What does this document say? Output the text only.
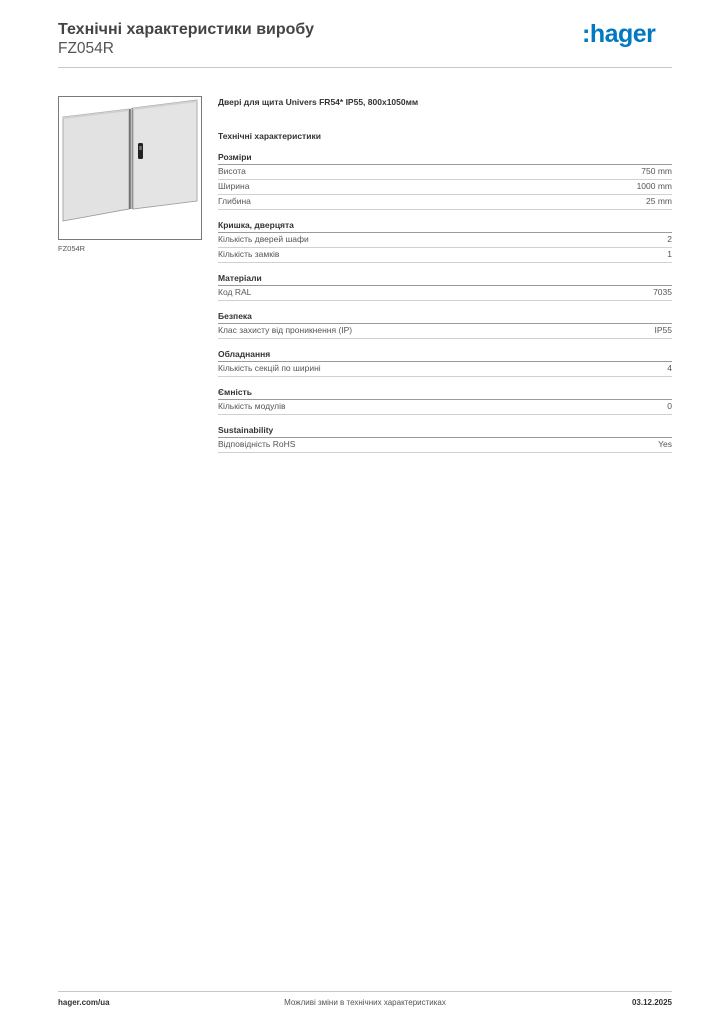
Технічні характеристики виробу
FZ054R
:hager
FZ054R
Двері для щита Univers FR54* IP55, 800x1050мм
Технічні характеристики
Розміри
Висота	750 mm
Ширина	1000 mm
Глибина	25 mm
Кришка, дверцята
Кількість дверей шафи	2
Кількість замків	1
Матеріали
Код RAL	7035
Безпека
Клас захисту від проникнення (IP)	IP55
Обладнання
Кількість секцій по ширині	4
Ємність
Кількість модулів	0
Sustainability
Відповідність RoHS	Yes
hager.com/ua	Можливі зміни в технічних характеристиках	03.12.2025
